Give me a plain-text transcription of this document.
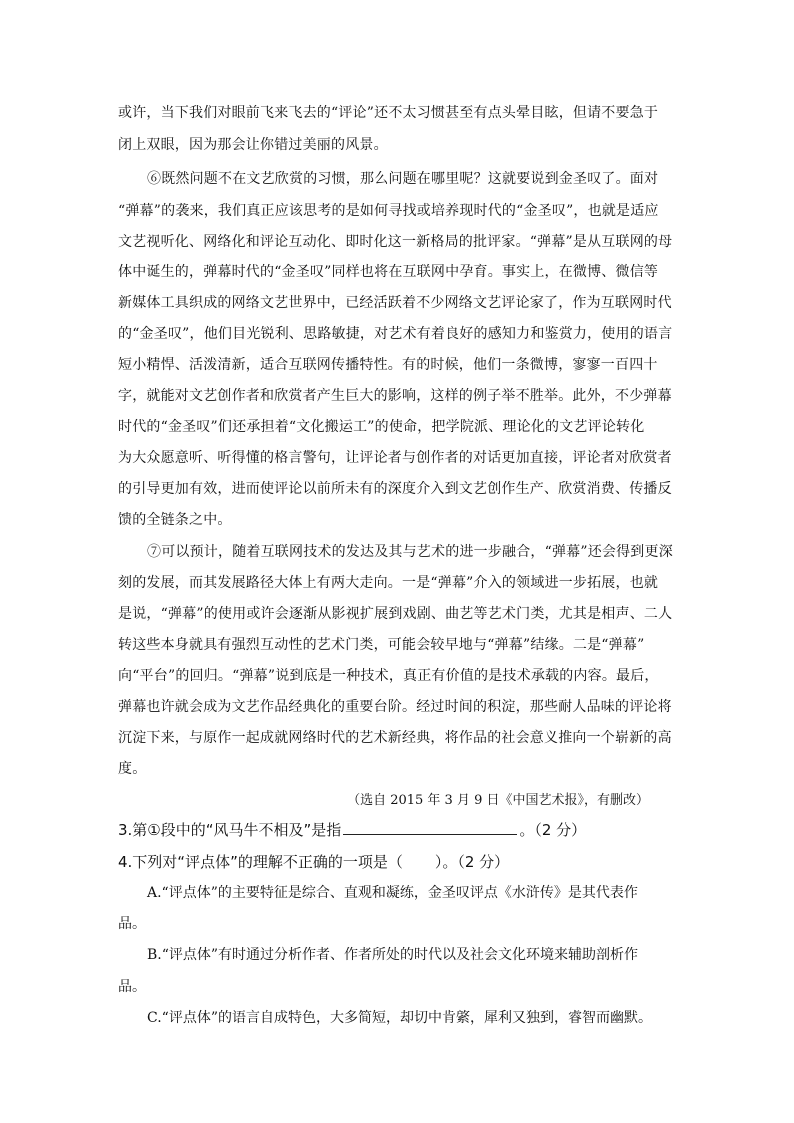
或许，当下我们对眼前飞来飞去的“评论”还不太习惯甚至有点头晕目眩，但请不要急于
闭上双眼，因为那会让你错过美丽的风景。
⑥既然问题不在文艺欣赏的习惯，那么问题在哪里呢？这就要说到金圣叹了。面对
“弹幕”的袭来，我们真正应该思考的是如何寻找或培养现时代的“金圣叹”，也就是适应
文艺视听化、网络化和评论互动化、即时化这一新格局的批评家。“弹幕”是从互联网的母
体中诞生的，弹幕时代的“金圣叹”同样也将在互联网中孕育。事实上，在微博、微信等
新媒体工具织成的网络文艺世界中，已经活跃着不少网络文艺评论家了，作为互联网时代
的“金圣叹”，他们目光锐利、思路敏捷，对艺术有着良好的感知力和鉴赏力，使用的语言
短小精悍、活泼清新，适合互联网传播特性。有的时候，他们一条微博，寥寥一百四十
字，就能对文艺创作者和欣赏者产生巨大的影响，这样的例子举不胜举。此外，不少弹幕
时代的“金圣叹”们还承担着“文化搬运工”的使命，把学院派、理论化的文艺评论转化
为大众愿意听、听得懂的格言警句，让评论者与创作者的对话更加直接，评论者对欣赏者
的引导更加有效，进而使评论以前所未有的深度介入到文艺创作生产、欣赏消费、传播反
馈的全链条之中。
⑦可以预计，随着互联网技术的发达及其与艺术的进一步融合，“弹幕”还会得到更深
刻的发展，而其发展路径大体上有两大走向。一是“弹幕”介入的领域进一步拓展，也就
是说，“弹幕”的使用或许会逐渐从影视扩展到戏剧、曲艺等艺术门类，尤其是相声、二人
转这些本身就具有强烈互动性的艺术门类，可能会较早地与“弹幕”结缘。二是“弹幕”
向“平台”的回归。“弹幕”说到底是一种技术，真正有价值的是技术承载的内容。最后，
弹幕也许就会成为文艺作品经典化的重要台阶。经过时间的积淀，那些耐人品味的评论将
沉淀下来，与原作一起成就网络时代的艺术新经典，将作品的社会意义推向一个崭新的高
度。
（选自 2015 年 3 月 9 日《中国艺术报》，有删改）
3.第①段中的“风马牛不相及”是指	。（2 分）
4.下列对“评点体”的理解不正确的一项是（ ）。（2 分）
A.“评点体”的主要特征是综合、直观和凝练，金圣叹评点《水浒传》是其代表作
品。
B.“评点体”有时通过分析作者、作者所处的时代以及社会文化环境来辅助剖析作
品。
C.“评点体”的语言自成特色，大多简短，却切中肯綮，犀利又独到，睿智而幽默。
